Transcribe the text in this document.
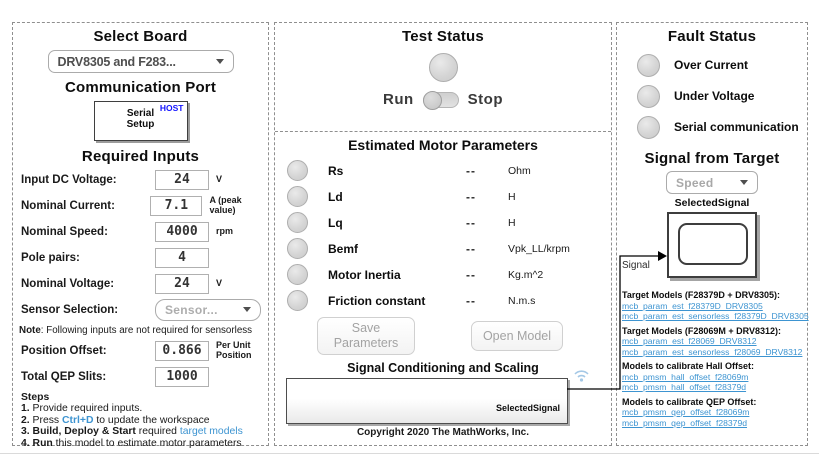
Select Board
DRV8305 and F283...
Communication Port
HOST
Serial
Setup
Required Inputs
Input DC Voltage:	24	V
Nominal Current:	7.1	A (peak value)
Nominal Speed:	4000	rpm
Pole pairs:	4
Nominal Voltage:	24	V
Sensor Selection:	Sensor...
Note: Following inputs are not required for sensorless
Position Offset:	0.866	Per Unit
Position
Total QEP Slits:	1000
Steps
1. Provide required inputs.
2. Press Ctrl+D to update the workspace
3. Build, Deploy & Start required target models
4. Run this model to estimate motor parameters
Test Status
Run	Stop
Estimated Motor Parameters
Rs	--	Ohm
Ld	--	H
Lq	--	H
Bemf	--	Vpk_LL/krpm
Motor Inertia	--	Kg.m^2
Friction constant	--	N.m.s
Save Parameters	Open Model
Signal Conditioning and Scaling
SelectedSignal
Copyright 2020 The MathWorks, Inc.
Fault Status
Over Current
Under Voltage
Serial communication
Signal from Target
Speed
SelectedSignal
Target Models (F28379D + DRV8305):
mcb_param_est_f28379D_DRV8305
mcb_param_est_sensorless_f28379D_DRV8305
Target Models (F28069M + DRV8312):
mcb_param_est_f28069_DRV8312
mcb_param_est_sensorless_f28069_DRV8312
Models to calibrate Hall Offset:
mcb_pmsm_hall_offset_f28069m
mcb_pmsm_hall_offset_f28379d
Models to calibrate QEP Offset:
mcb_pmsm_qep_offset_f28069m
mcb_pmsm_qep_offset_f28379d
Signal
